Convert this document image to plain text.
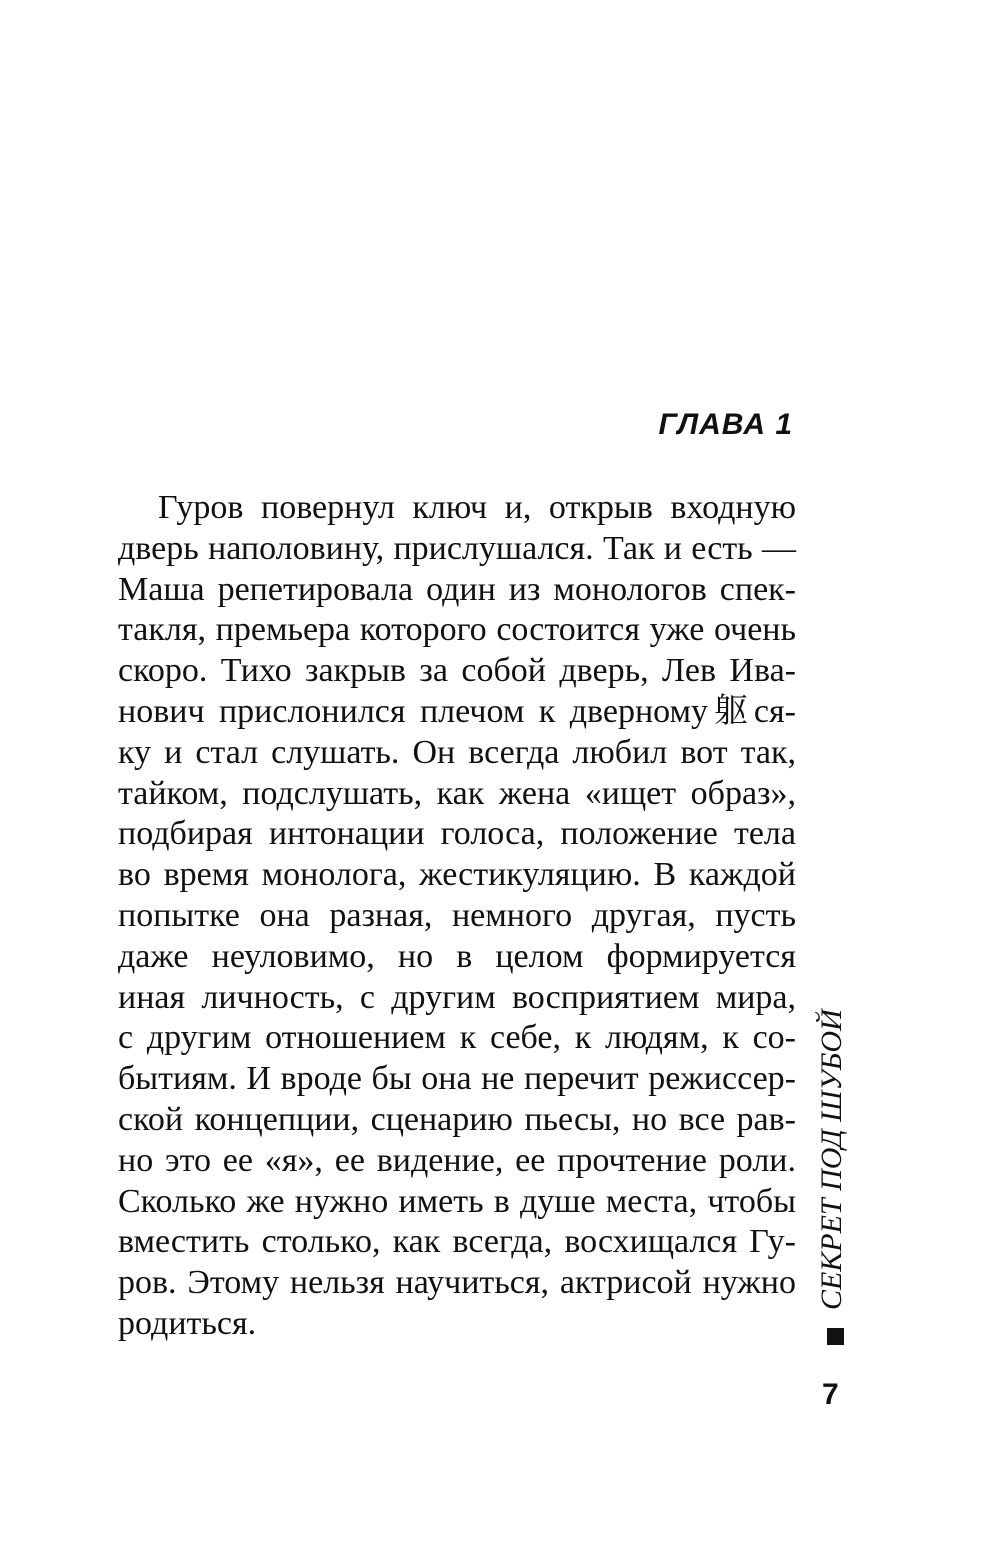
ГЛАВА 1
Гуров повернул ключ и, открыв входную
дверь наполовину, прислушался. Так и есть —
Маша репетировала один из монологов спек-
такля, премьера которого состоится уже очень
скоро. Тихо закрыв за собой дверь, Лев Ива-
нович прислонился плечом к дверному躯ся-
ку и стал слушать. Он всегда любил вот так,
тайком, подслушать, как жена «ищет образ»,
подбирая интонации голоса, положение тела
во время монолога, жестикуляцию. В каждой
попытке она разная, немного другая, пусть
даже неуловимо, но в целом формируется
иная личность, с другим восприятием мира,
с другим отношением к себе, к людям, к со-
бытиям. И вроде бы она не перечит режиссер-
ской концепции, сценарию пьесы, но все рав-
но это ее «я», ее видение, ее прочтение роли.
Сколько же нужно иметь в душе места, чтобы
вместить столько, как всегда, восхищался Гу-
ров. Этому нельзя научиться, актрисой нужно
родиться.
СЕКРЕТ ПОД ШУБОЙ
7
